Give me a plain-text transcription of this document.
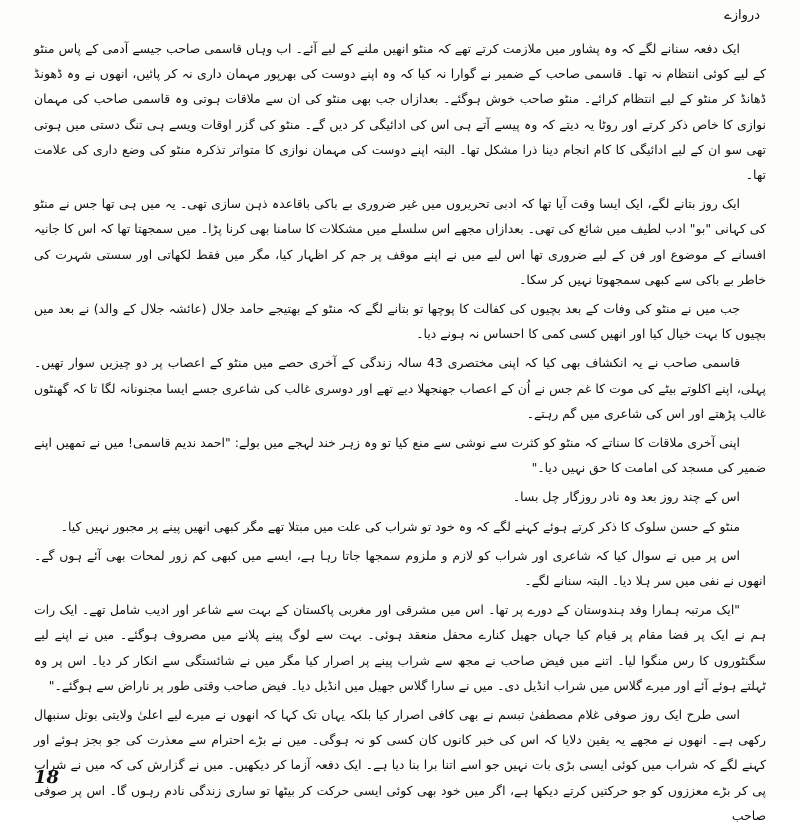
دروازے

ایک دفعہ سنانے لگے کہ وہ پشاور میں ملازمت کرتے تھے کہ منٹو انھیں ملنے کے لیے آئے۔ اب وہاں قاسمی صاحب جیسے آدمی کے پاس منٹو کے لیے کوئی انتظام نہ تھا۔ قاسمی صاحب کے ضمیر نے گوارا نہ کیا کہ وہ اپنے دوست کی بھرپور مہمان داری نہ کر پائیں، انھوں نے وہ ڈھونڈ ڈھانڈ کر منٹو کے لیے انتظام کرائے۔ منٹو صاحب خوش ہوگئے۔ بعدازاں جب بھی منٹو کی ان سے ملاقات ہوتی وہ قاسمی صاحب کی مہمان نوازی کا خاص ذکر کرتے اور روٹا یہ دیتے کہ وہ پیسے آتے ہی اس کی ادائیگی کر دیں گے۔ منٹو کی گزر اوقات ویسے ہی تنگ دستی میں ہوتی تھی سو ان کے لیے ادائیگی کا کام انجام دینا ذرا مشکل تھا۔ البتہ اپنے دوست کی مہمان نوازی کا متواتر تذکرہ منٹو کی وضع داری کی علامت تھا۔

ایک روز بتانے لگے، ایک ایسا وقت آیا تھا کہ ادبی تحریروں میں غیر ضروری بے باکی باقاعدہ ذہن سازی تھی۔ یہ میں ہی تھا جس نے منٹو کی کہانی "بو" ادب لطیف میں شائع کی تھی۔ بعدازاں مجھے اس سلسلے میں مشکلات کا سامنا بھی کرنا پڑا۔ میں سمجھتا تھا کہ اس کا جانیہ افسانے کے موضوع اور فن کے لیے ضروری تھا اس لیے میں نے اپنے موقف پر جم کر اظہار کیا، مگر میں فقط لکھاتی اور سستی شہرت کی خاطر بے باکی سے کبھی سمجھوتا نہیں کر سکا۔

جب میں نے منٹو کی وفات کے بعد بچیوں کی کفالت کا پوچھا تو بتانے لگے کہ منٹو کے بھتیجے حامد جلال (عائشہ جلال کے والد) نے بعد میں بچیوں کا بہت خیال کیا اور انھیں کسی کمی کا احساس نہ ہونے دیا۔

قاسمی صاحب نے یہ انکشاف بھی کیا کہ اپنی مختصری 43 سالہ زندگی کے آخری حصے میں منٹو کے اعصاب پر دو چیزیں سوار تھیں۔ پہلی، اپنے اکلوتے بیٹے کی موت کا غم جس نے اُن کے اعصاب جھنجھلا دیے تھے اور دوسری غالب کی شاعری جسے ایسا مجنونانہ لگا تا کہ گھنٹوں غالب پڑھتے اور اس کی شاعری میں گم رہتے۔

اپنی آخری ملاقات کا سناتے کہ منٹو کو کثرت سے نوشی سے منع کیا تو وہ زہر خند لہجے میں بولے: "احمد ندیم قاسمی! میں نے تمھیں اپنے ضمیر کی مسجد کی امامت کا حق نہیں دیا۔"

اس کے چند روز بعد وہ نادر روزگار چل بسا۔

منٹو کے حسن سلوک کا ذکر کرتے ہوئے کہنے لگے کہ وہ خود تو شراب کی علت میں مبتلا تھے مگر کبھی انھیں پینے پر مجبور نہیں کیا۔

اس پر میں نے سوال کیا کہ شاعری اور شراب کو لازم و ملزوم سمجھا جاتا رہا ہے، ایسے میں کبھی کم زور لمحات بھی آئے ہوں گے۔ انھوں نے نفی میں سر ہلا دیا۔ البتہ سنانے لگے۔

"ایک مرتبہ ہمارا وفد ہندوستان کے دورے پر تھا۔ اس میں مشرقی اور مغربی پاکستان کے بہت سے شاعر اور ادیب شامل تھے۔ ایک رات ہم نے ایک پر فضا مقام پر قیام کیا جہاں جھیل کنارے محفل منعقد ہوئی۔ بہت سے لوگ پینے پلانے میں مصروف ہوگئے۔ میں نے اپنے لیے سگنٹوروں کا رس منگوا لیا۔ اتنے میں فیض صاحب نے مجھ سے شراب پینے پر اصرار کیا مگر میں نے شائستگی سے انکار کر دیا۔ اس پر وہ ٹہلتے ہوئے آئے اور میرے گلاس میں شراب انڈیل دی۔ میں نے سارا گلاس جھیل میں انڈیل دیا۔ فیض صاحب وقتی طور پر ناراض سے ہوگئے۔"

اسی طرح ایک روز صوفی غلام مصطفیٰ تبسم نے بھی کافی اصرار کیا بلکہ یہاں تک کہا کہ انھوں نے میرے لیے اعلیٰ ولایتی بوتل سنبھال رکھی ہے۔ انھوں نے مجھے یہ یقین دلایا کہ اس کی خبر کانوں کان کسی کو نہ ہوگی۔ میں نے بڑے احترام سے معذرت کی جو بجز ہوئے اور کہنے لگے کہ شراب میں کوئی ایسی بڑی بات نہیں جو اسے اتنا برا بنا دیا ہے۔ ایک دفعہ آزما کر دیکھیں۔ میں نے گزارش کی کہ میں نے شراب پی کر بڑے معززوں کو جو حرکتیں کرتے دیکھا ہے، اگر میں خود بھی کوئی ایسی حرکت کر بیٹھا تو ساری زندگی نادم رہوں گا۔ اس پر صوفی صاحب

18
